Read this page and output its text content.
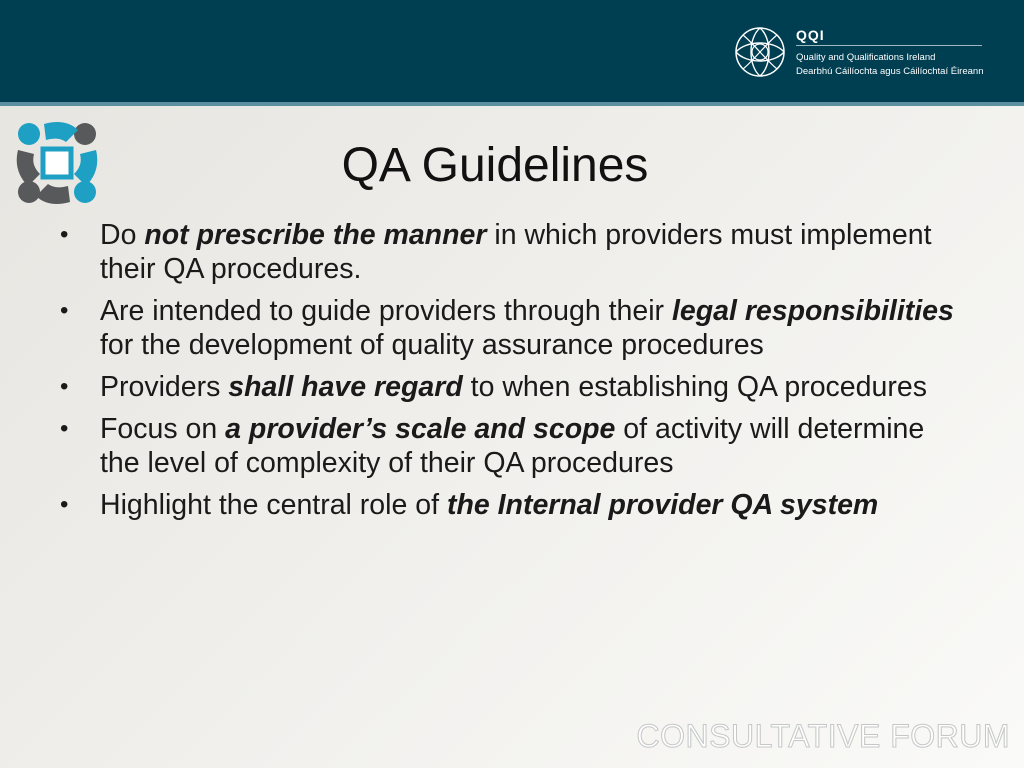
QQI
Quality and Qualifications Ireland
Dearbhú Cáilíochta agus Cáilíochtaí Éireann
QA Guidelines
• Do not prescribe the manner in which providers must implement their QA procedures.
• Are intended to guide providers through their legal responsibilities for the development of quality assurance procedures
• Providers shall have regard to when establishing QA procedures
• Focus on a provider’s scale and scope of activity will determine the level of complexity of their QA procedures
• Highlight the central role of the Internal provider QA system
CONSULTATIVE FORUM
